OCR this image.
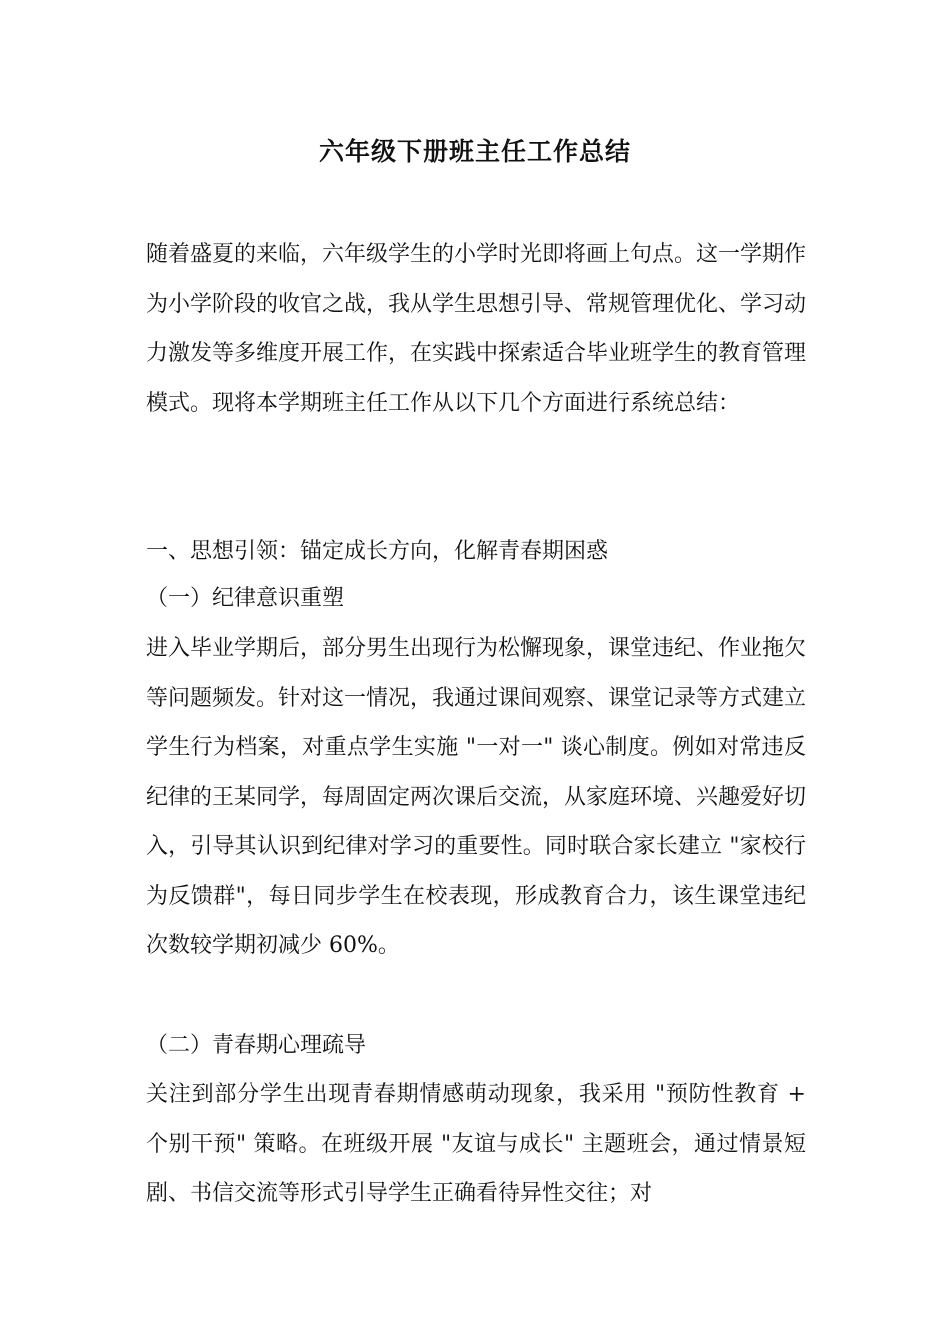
六年级下册班主任工作总结

随着盛夏的来临，六年级学生的小学时光即将画上句点。这一学期作为小学阶段的收官之战，我从学生思想引导、常规管理优化、学习动力激发等多维度开展工作，在实践中探索适合毕业班学生的教育管理模式。现将本学期班主任工作从以下几个方面进行系统总结：

一、思想引领：锚定成长方向，化解青春期困惑
（一）纪律意识重塑

进入毕业学期后，部分男生出现行为松懈现象，课堂违纪、作业拖欠等问题频发。针对这一情况，我通过课间观察、课堂记录等方式建立学生行为档案，对重点学生实施 "一对一" 谈心制度。例如对常违反纪律的王某同学，每周固定两次课后交流，从家庭环境、兴趣爱好切入，引导其认识到纪律对学习的重要性。同时联合家长建立 "家校行为反馈群"，每日同步学生在校表现，形成教育合力，该生课堂违纪次数较学期初减少 60%。

（二）青春期心理疏导

关注到部分学生出现青春期情感萌动现象，我采用 "预防性教育 + 个别干预" 策略。在班级开展 "友谊与成长" 主题班会，通过情景短剧、书信交流等形式引导学生正确看待异性交往；对
